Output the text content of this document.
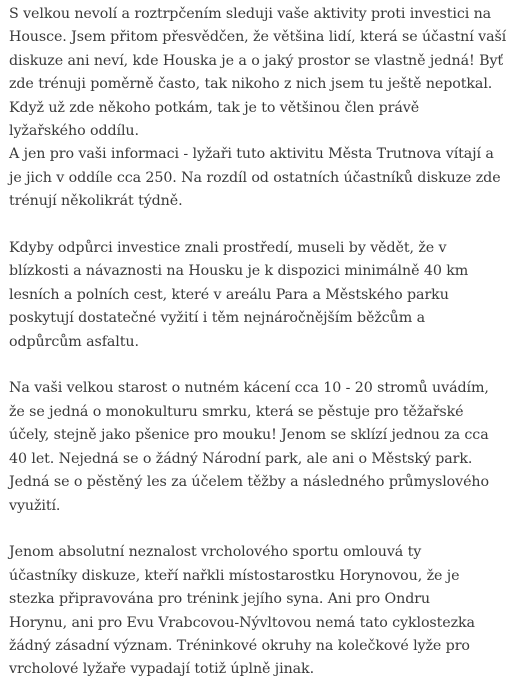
S velkou nevolí a roztrpčením sleduji vaše aktivity proti investici na
Housce. Jsem přitom přesvědčen, že většina lidí, která se účastní vaší
diskuze ani neví, kde Houska je a o jaký prostor se vlastně jedná! Byť
zde trénuji poměrně často, tak nikoho z nich jsem tu ještě nepotkal.
Když už zde někoho potkám, tak je to většinou člen právě
lyžařského oddílu.
A jen pro vaši informaci - lyžaři tuto aktivitu Města Trutnova vítají a
je jich v oddíle cca 250. Na rozdíl od ostatních účastníků diskuze zde
trénují několikrát týdně.

Kdyby odpůrci investice znali prostředí, museli by vědět, že v
blízkosti a návaznosti na Housku je k dispozici minimálně 40 km
lesních a polních cest, které v areálu Para a Městského parku
poskytují dostatečné vyžití i těm nejnáročnějším běžcům a
odpůrcům asfaltu.

Na vaši velkou starost o nutném kácení cca 10 - 20 stromů uvádím,
že se jedná o monokulturu smrku, která se pěstuje pro těžařské
účely, stejně jako pšenice pro mouku! Jenom se sklízí jednou za cca
40 let. Nejedná se o žádný Národní park, ale ani o Městský park.
Jedná se o pěstěný les za účelem těžby a následného průmyslového
využití.

Jenom absolutní neznalost vrcholového sportu omlouvá ty
účastníky diskuze, kteří nařkli místostarostku Horynovou, že je
stezka připravována pro trénink jejího syna. Ani pro Ondru
Horynu, ani pro Evu Vrabcovou-Nývltovou nemá tato cyklostezka
žádný zásadní význam. Tréninkové okruhy na kolečkové lyže pro
vrcholové lyžaře vypadají totiž úplně jinak.
